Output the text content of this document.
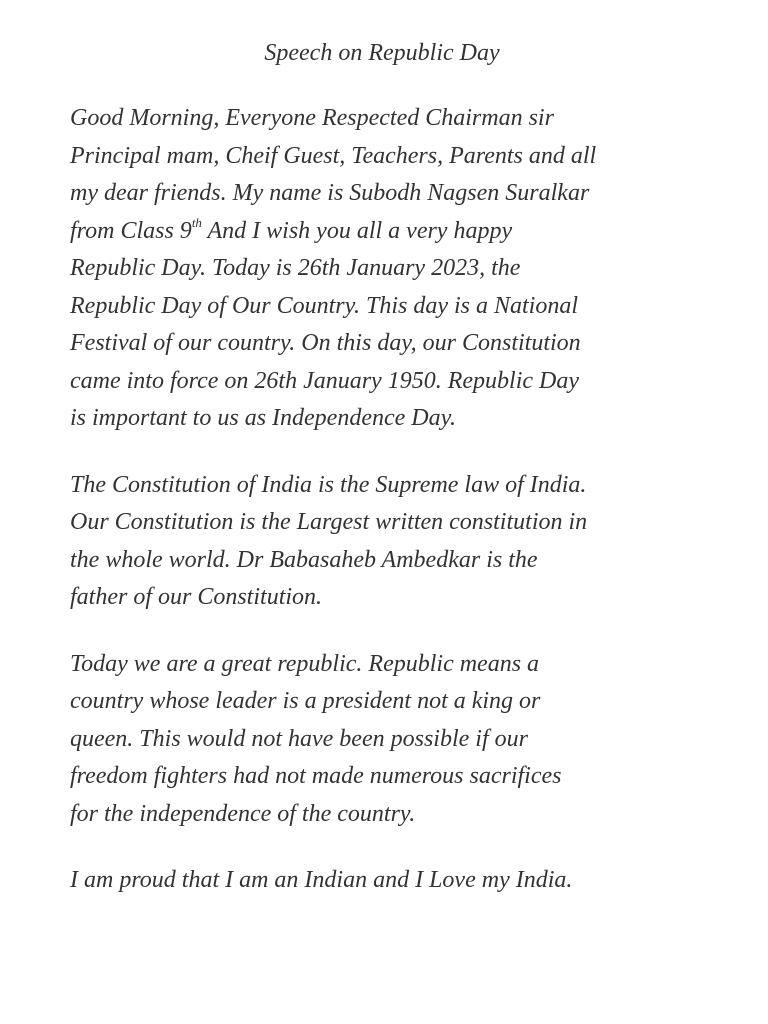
Speech on Republic Day

Good Morning, Everyone Respected Chairman sir
Principal mam, Cheif Guest, Teachers, Parents and all
my dear friends. My name is Subodh Nagsen Suralkar
from Class 9th And I wish you all a very happy
Republic Day. Today is 26th January 2023, the
Republic Day of Our Country. This day is a National
Festival of our country. On this day, our Constitution
came into force on 26th January 1950. Republic Day
is important to us as Independence Day.

The Constitution of India is the Supreme law of India.
Our Constitution is the Largest written constitution in
the whole world. Dr Babasaheb Ambedkar is the
father of our Constitution.

Today we are a great republic. Republic means a
country whose leader is a president not a king or
queen. This would not have been possible if our
freedom fighters had not made numerous sacrifices
for the independence of the country.

I am proud that I am an Indian and I Love my India.
